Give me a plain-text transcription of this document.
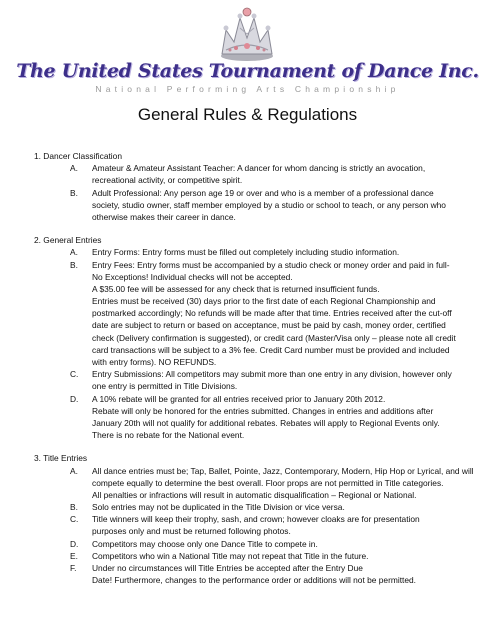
The United States Tournament of Dance Inc.
National Performing Arts Championship
General Rules & Regulations
1. Dancer Classification
A. Amateur & Amateur Assistant Teacher: A dancer for whom dancing is strictly an avocation,
recreational activity, or competitive spirit.
B. Adult Professional: Any person age 19 or over and who is a member of a professional dance
society, studio owner, staff member employed by a studio or school to teach, or any person who
otherwise makes their career in dance.
2. General Entries
A. Entry Forms: Entry forms must be filled out completely including studio information.
B. Entry Fees: Entry forms must be accompanied by a studio check or money order and paid in full-
No Exceptions! Individual checks will not be accepted.
A $35.00 fee will be assessed for any check that is returned insufficient funds.
Entries must be received (30) days prior to the first date of each Regional Championship and
postmarked accordingly; No refunds will be made after that time. Entries received after the cut-off
date are subject to return or based on acceptance, must be paid by cash, money order, certified
check (Delivery confirmation is suggested), or credit card (Master/Visa only – please note all credit
card transactions will be subject to a 3% fee. Credit Card number must be provided and included
with entry forms). NO REFUNDS.
C. Entry Submissions: All competitors may submit more than one entry in any division, however only
one entry is permitted in Title Divisions.
D. A 10% rebate will be granted for all entries received prior to January 20th 2012.
Rebate will only be honored for the entries submitted. Changes in entries and additions after
January 20th will not qualify for additional rebates. Rebates will apply to Regional Events only.
There is no rebate for the National event.
3. Title Entries
A. All dance entries must be; Tap, Ballet, Pointe, Jazz, Contemporary, Modern, Hip Hop or Lyrical, and will
compete equally to determine the best overall. Floor props are not permitted in Title categories.
All penalties or infractions will result in automatic disqualification – Regional or National.
B. Solo entries may not be duplicated in the Title Division or vice versa.
C. Title winners will keep their trophy, sash, and crown; however cloaks are for presentation
purposes only and must be returned following photos.
D. Competitors may choose only one Dance Title to compete in.
E. Competitors who win a National Title may not repeat that Title in the future.
F. Under no circumstances will Title Entries be accepted after the Entry Due
Date! Furthermore, changes to the performance order or additions will not be permitted.
